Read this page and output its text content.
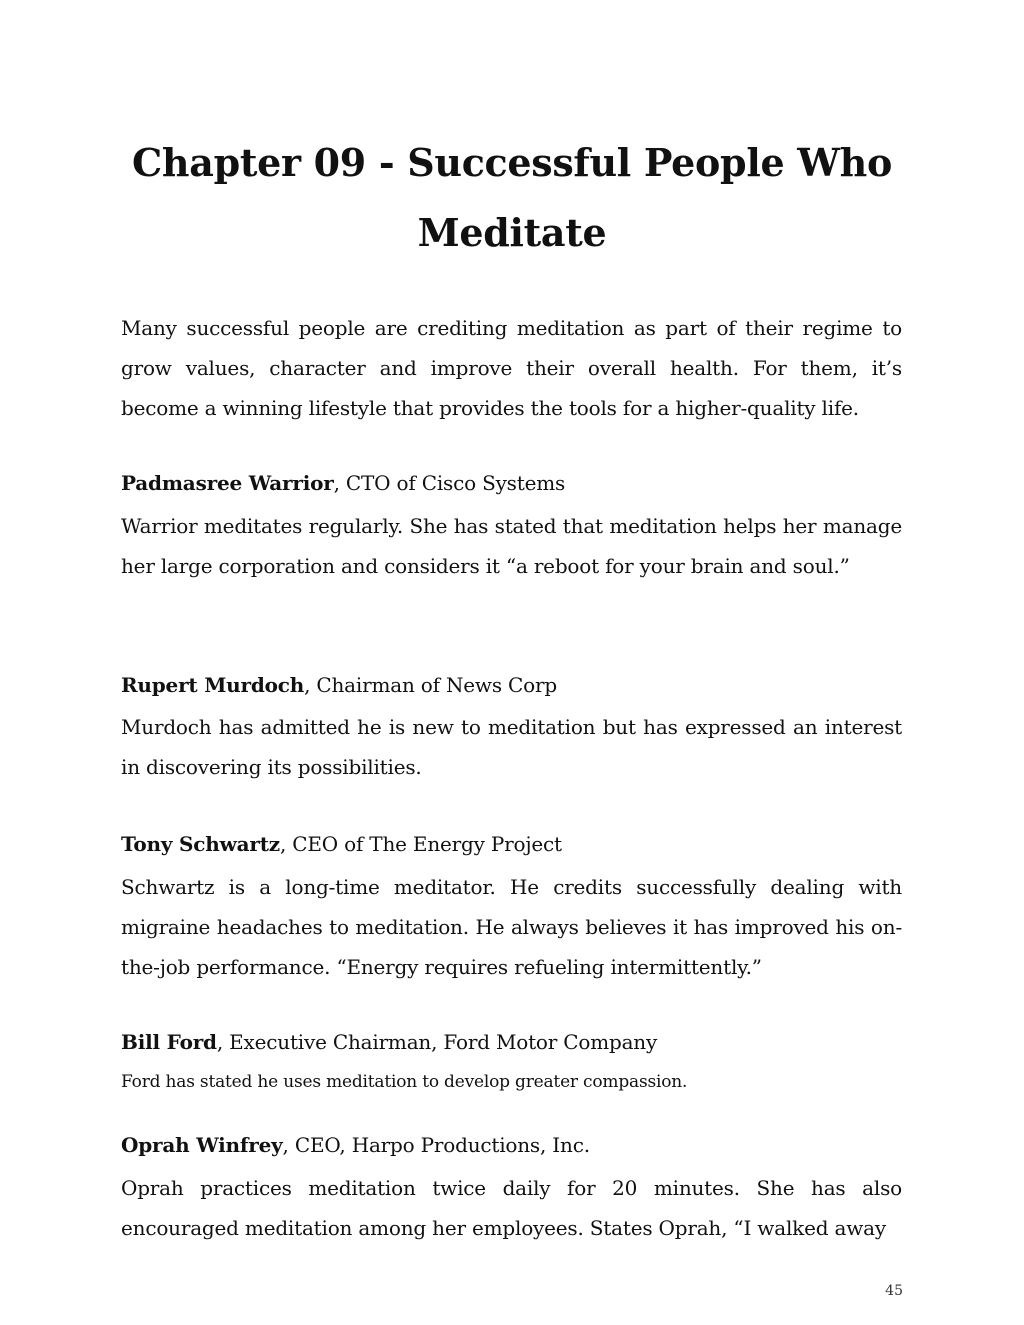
Chapter 09 - Successful People Who Meditate

Many successful people are crediting meditation as part of their regime to grow values, character and improve their overall health. For them, it’s become a winning lifestyle that provides the tools for a higher-quality life.

Padmasree Warrior, CTO of Cisco Systems

Warrior meditates regularly. She has stated that meditation helps her manage her large corporation and considers it “a reboot for your brain and soul.”

Rupert Murdoch, Chairman of News Corp

Murdoch has admitted he is new to meditation but has expressed an interest in discovering its possibilities.

Tony Schwartz, CEO of The Energy Project

Schwartz is a long-time meditator. He credits successfully dealing with migraine headaches to meditation. He always believes it has improved his on-the-job performance. “Energy requires refueling intermittently.”

Bill Ford, Executive Chairman, Ford Motor Company

Ford has stated he uses meditation to develop greater compassion.

Oprah Winfrey, CEO, Harpo Productions, Inc.

Oprah practices meditation twice daily for 20 minutes. She has also encouraged meditation among her employees. States Oprah, “I walked away

45
